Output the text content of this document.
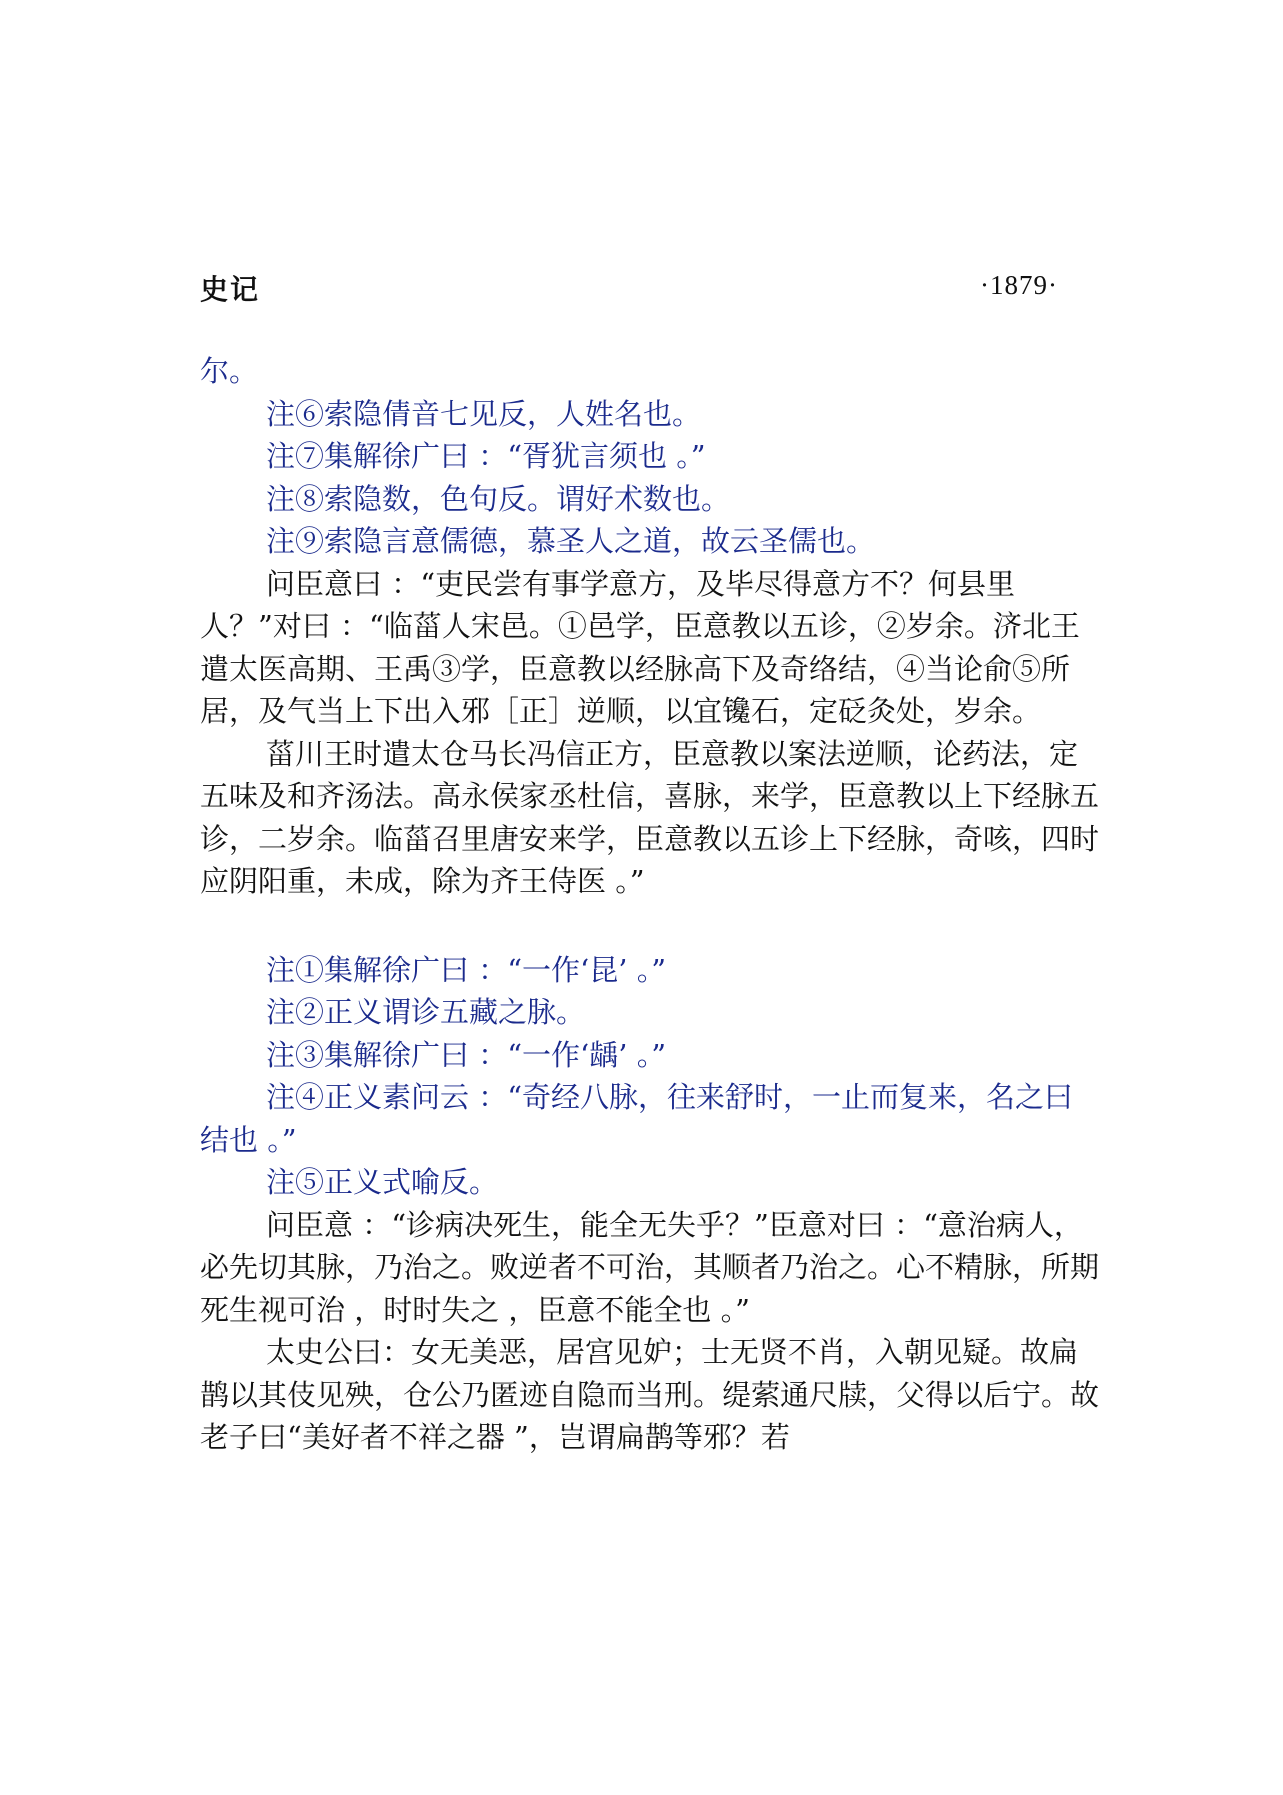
史记	·1879·

尔。

注⑥索隐倩音七见反，人姓名也。

注⑦集解徐广曰 ：“胥犹言须也 。”

注⑧索隐数，色句反。谓好术数也。

注⑨索隐言意儒德，慕圣人之道，故云圣儒也。

问臣意曰 ：“吏民尝有事学意方，及毕尽得意方不？何县里人？”对曰 ：“临菑人宋邑。①邑学，臣意教以五诊，②岁余。济北王遣太医高期、王禹③学，臣意教以经脉高下及奇络结，④当论俞⑤所居，及气当上下出入邪［正］逆顺，以宜镵石，定砭灸处，岁余。

菑川王时遣太仓马长冯信正方，臣意教以案法逆顺，论药法，定五味及和齐汤法。高永侯家丞杜信，喜脉，来学，臣意教以上下经脉五诊，二岁余。临菑召里唐安来学，臣意教以五诊上下经脉，奇咳，四时应阴阳重，未成，除为齐王侍医 。”

注①集解徐广曰 ：“一作‘昆’ 。”

注②正义谓诊五藏之脉。

注③集解徐广曰 ：“一作‘龋’ 。”

注④正义素问云 ：“奇经八脉，往来舒时，一止而复来，名之曰结也 。”

注⑤正义式喻反。

问臣意 ：“诊病决死生，能全无失乎？”臣意对曰 ：“意治病人，必先切其脉，乃治之。败逆者不可治，其顺者乃治之。心不精脉，所期死生视可治 ，时时失之 ，臣意不能全也 。”

太史公曰：女无美恶，居宫见妒；士无贤不肖，入朝见疑。故扁鹊以其伎见殃，仓公乃匿迹自隐而当刑。缇萦通尺牍，父得以后宁。故老子曰“美好者不祥之器 ”，岂谓扁鹊等邪？若
